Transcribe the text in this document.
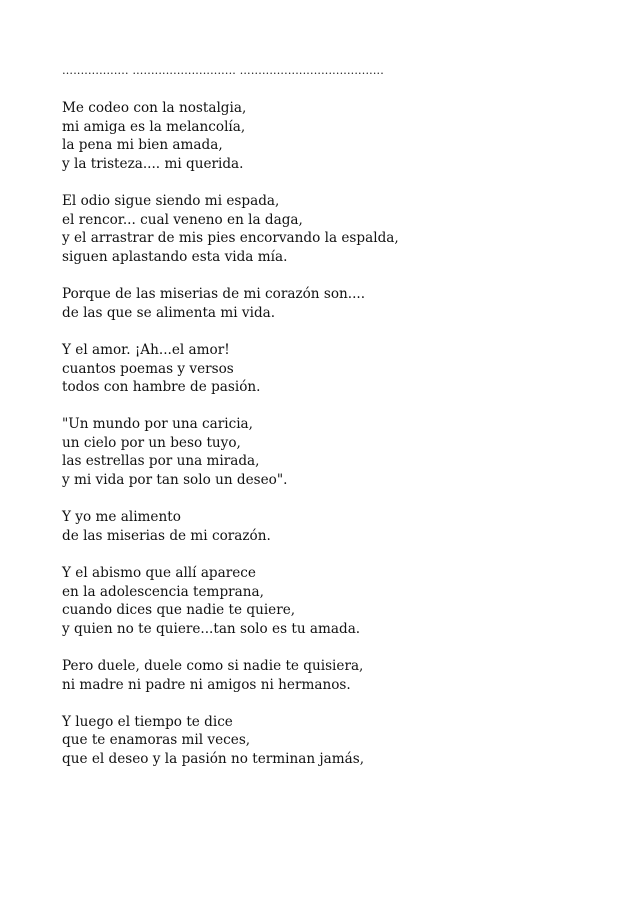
…............... …......................... …....................................
Me codeo con la nostalgia,
mi amiga es la melancolía,
la pena mi bien amada,
y la tristeza.... mi querida.
El odio sigue siendo mi espada,
el rencor... cual veneno en la daga,
y el arrastrar de mis pies encorvando la espalda,
siguen aplastando esta vida mía.
Porque de las miserias de mi corazón son....
de las que se alimenta mi vida.
Y el amor. ¡Ah...el amor!
cuantos poemas y versos
todos con hambre de pasión.
"Un mundo por una caricia,
un cielo por un beso tuyo,
las estrellas por una mirada,
y mi vida por tan solo un deseo".
Y yo me alimento
de las miserias de mi corazón.
Y el abismo que allí aparece
en la adolescencia temprana,
cuando dices que nadie te quiere,
y quien no te quiere...tan solo es tu amada.
Pero duele, duele como si nadie te quisiera,
ni madre ni padre ni amigos ni hermanos.
Y luego el tiempo te dice
que te enamoras mil veces,
que el deseo y la pasión no terminan jamás,
